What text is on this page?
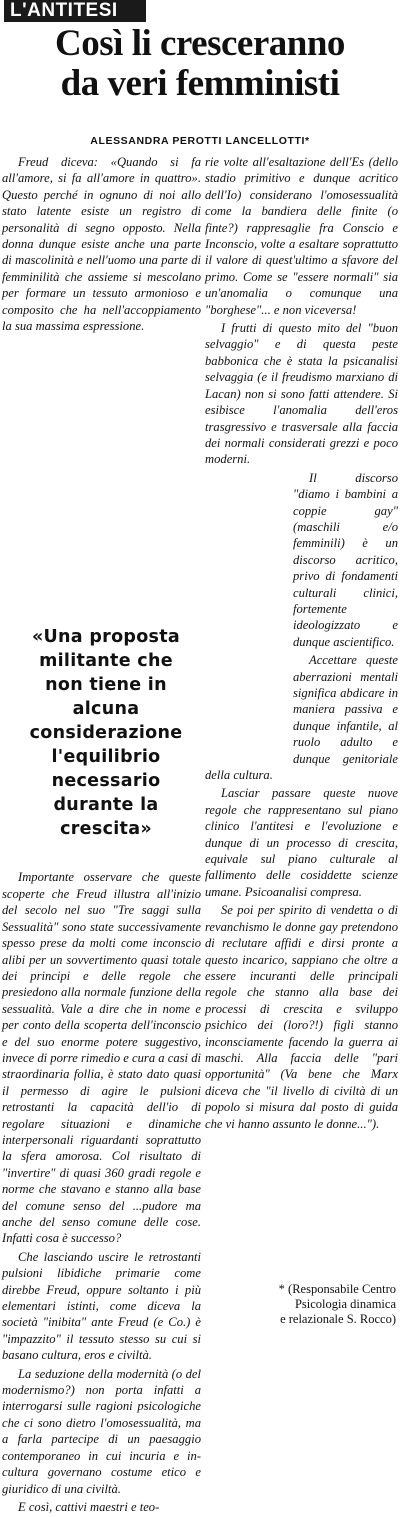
L'ANTITESI
Così li cresceranno
da veri femministi
ALESSANDRA PEROTTI LANCELLOTTI*

Freud diceva: «Quando si fa all'amore, si fa all'amore in quattro». Questo perché in ognuno di noi allo stato latente esiste un registro di personalità di segno opposto. Nella donna dunque esiste anche una parte di mascolinità e nell'uomo una parte di femminilità che assieme si mescolano per formare un tessuto armonioso e composito che ha nell'accoppiamento la sua massima espressione.

«Una proposta
militante che
non tiene in
alcuna
considerazione
l'equilibrio
necessario
durante la
crescita»

Importante osservare che queste scoperte che Freud illustra all'inizio del secolo nel suo "Tre saggi sulla Sessualità" sono state successivamente spesso prese da molti come inconscio alibi per un sovvertimento quasi totale dei principi e delle regole che presiedono alla normale funzione della sessualità. Vale a dire che in nome e per conto della scoperta dell'inconscio e del suo enorme potere suggestivo, invece di porre rimedio e cura a casi di straordinaria follia, è stato dato quasi il permesso di agire le pulsioni retrostanti la capacità dell'io di regolare situazioni e dinamiche interpersonali riguardanti soprattutto la sfera amorosa. Col risultato di "invertire" di quasi 360 gradi regole e norme che stavano e stanno alla base del comune senso del ...pudore ma anche del senso comune delle cose. Infatti cosa è successo?

Che lasciando uscire le retrostanti pulsioni libidiche primarie come direbbe Freud, oppure soltanto i più elementari istinti, come diceva la società "inibita" ante Freud (e Co.) è "impazzito" il tessuto stesso su cui si basano cultura, eros e civiltà.

La seduzione della modernità (o del modernismo?) non porta infatti a interrogarsi sulle ragioni psicologiche che ci sono dietro l'omosessualità, ma a farla partecipe di un paesaggio contemporaneo in cui incuria e in-cultura governano costume etico e giuridico di una civiltà.

E così, cattivi maestri e teo-

rie volte all'esaltazione dell'Es (dello stadio primitivo e dunque acritico dell'Io) considerano l'omosessualità come la bandiera delle finite (o finte?) rappresaglie fra Conscio e Inconscio, volte a esaltare soprattutto il valore di quest'ultimo a sfavore del primo. Come se "essere normali" sia un'anomalia o comunque una "borghese"... e non viceversa!

I frutti di questo mito del "buon selvaggio" e di questa peste babbonica che è stata la psicanalisi selvaggia (e il freudismo marxiano di Lacan) non si sono fatti attendere. Si esibisce l'anomalia dell'eros trasgressivo e trasversale alla faccia dei normali considerati grezzi e poco moderni.

Il discorso "diamo i bambini a coppie gay" (maschili e/o femminili) è un discorso acritico, privo di fondamenti culturali clinici, fortemente ideologizzato e dunque ascientifico.

Accettare queste aberrazioni mentali significa abdicare in maniera passiva e dunque infantile, al ruolo adulto e dunque genitoriale della cultura.

Lasciar passare queste nuove regole che rappresentano sul piano clinico l'antitesi e l'evoluzione e dunque di un processo di crescita, equivale sul piano culturale al fallimento delle cosiddette scienze umane. Psicoanalisi compresa.

Se poi per spirito di vendetta o di revanchismo le donne gay pretendono di reclutare affidi e dirsi pronte a questo incarico, sappiano che oltre a essere incuranti delle principali regole che stanno alla base dei processi di crescita e sviluppo psichico dei (loro?!) figli stanno inconsciamente facendo la guerra ai maschi. Alla faccia delle "pari opportunità" (Va bene che Marx diceva che "il livello di civiltà di un popolo si misura dal posto di guida che vi hanno assunto le donne...").

* (Responsabile Centro
Psicologia dinamica
e relazionale S. Rocco)
